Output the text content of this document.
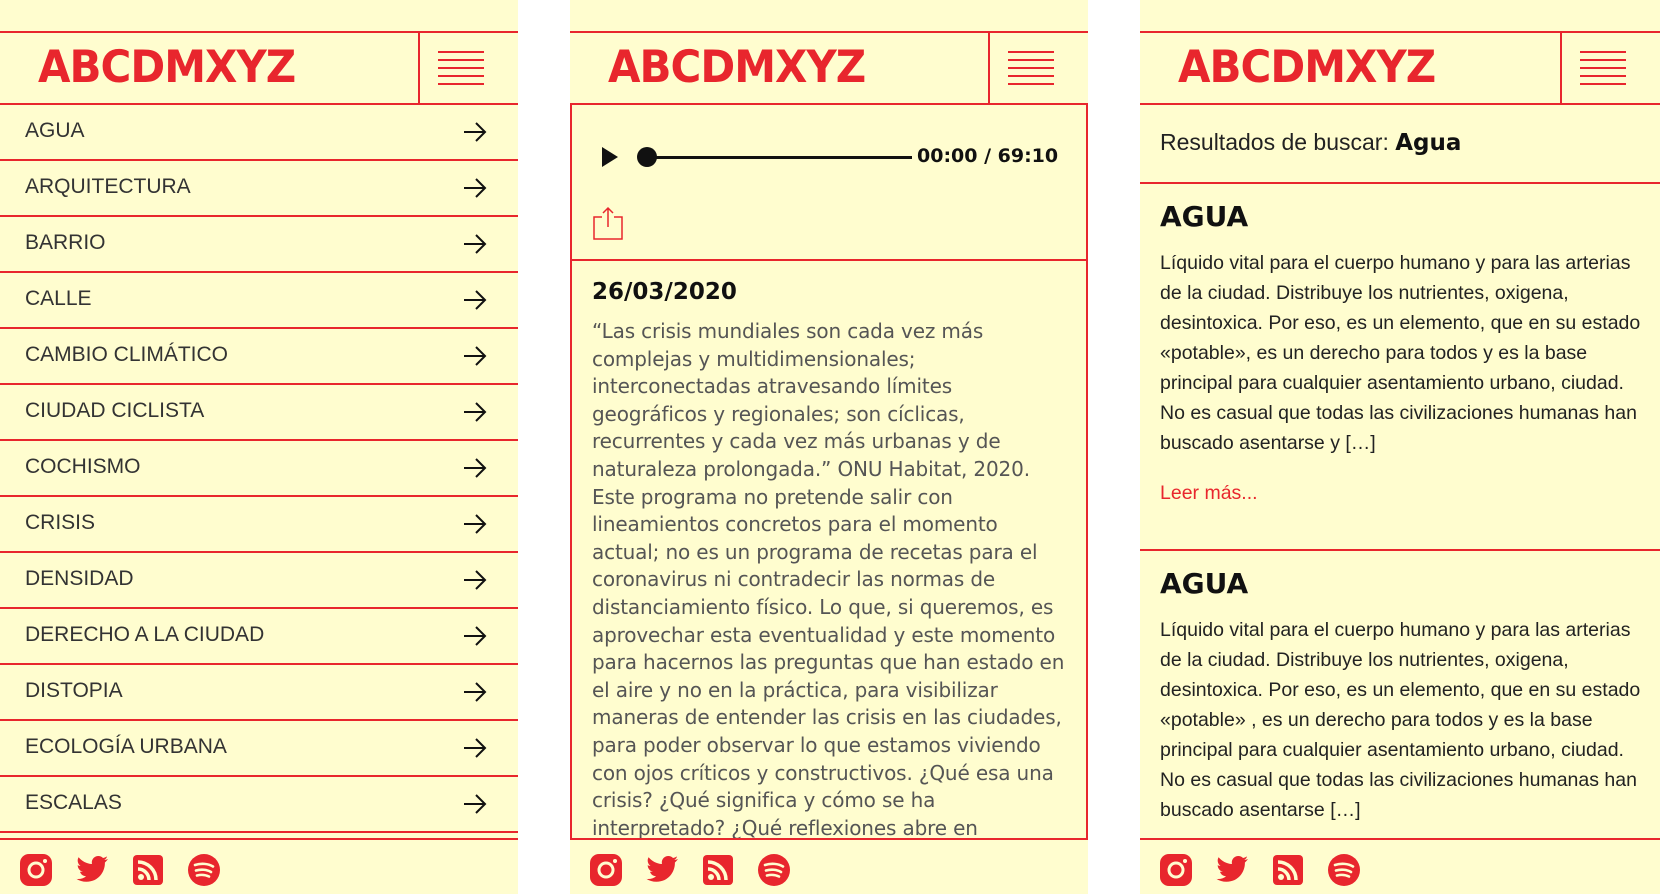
ABCDMXYZ
AGUA
ARQUITECTURA
BARRIO
CALLE
CAMBIO CLIMÁTICO
CIUDAD CICLISTA
COCHISMO
CRISIS
DENSIDAD
DERECHO A LA CIUDAD
DISTOPIA
ECOLOGÍA URBANA
ESCALAS
ABCDMXYZ
00:00 / 69:10
26/03/2020
“Las crisis mundiales son cada vez más complejas y multidimensionales; interconectadas atravesando límites geográficos y regionales; son cíclicas, recurrentes y cada vez más urbanas y de naturaleza prolongada.” ONU Habitat, 2020. Este programa no pretende salir con lineamientos concretos para el momento actual; no es un programa de recetas para el coronavirus ni contradecir las normas de distanciamiento físico. Lo que, si queremos, es aprovechar esta eventualidad y este momento para hacernos las preguntas que han estado en el aire y no en la práctica, para visibilizar maneras de entender las crisis en las ciudades, para poder observar lo que estamos viviendo con ojos críticos y constructivos. ¿Qué esa una crisis? ¿Qué significa y cómo se ha interpretado? ¿Qué reflexiones abre en
ABCDMXYZ
Resultados de buscar: Agua
AGUA
Líquido vital para el cuerpo humano y para las arterias de la ciudad. Distribuye los nutrientes, oxigena, desintoxica. Por eso, es un elemento, que en su estado «potable», es un derecho para todos y es la base principal para cualquier asentamiento urbano, ciudad. No es casual que todas las civilizaciones humanas han buscado asentarse y […]
Leer más...
AGUA
Líquido vital para el cuerpo humano y para las arterias de la ciudad. Distribuye los nutrientes, oxigena, desintoxica. Por eso, es un elemento, que en su estado «potable» , es un derecho para todos y es la base principal para cualquier asentamiento urbano, ciudad. No es casual que todas las civilizaciones humanas han buscado asentarse […]
